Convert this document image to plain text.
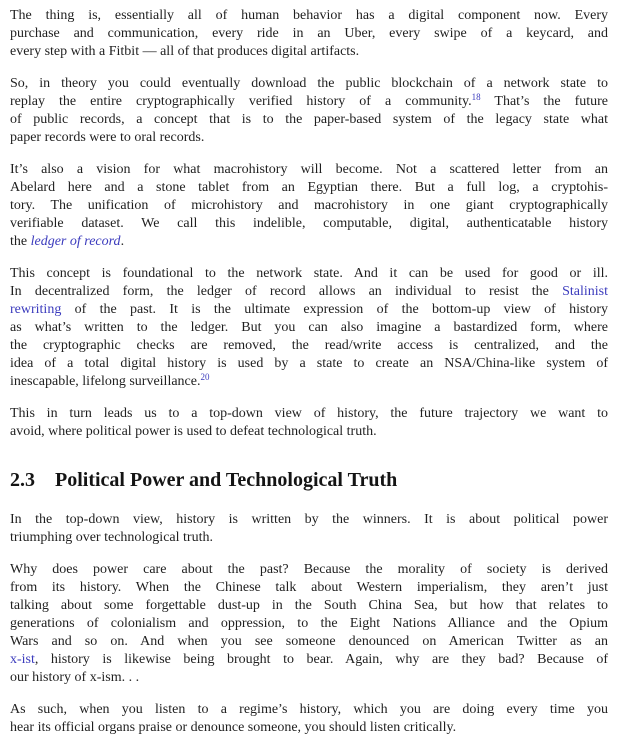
The thing is, essentially all of human behavior has a digital component now. Every
purchase and communication, every ride in an Uber, every swipe of a keycard, and
every step with a Fitbit — all of that produces digital artifacts.
So, in theory you could eventually download the public blockchain of a network state to
replay the entire cryptographically verified history of a community.$^{18}$ That’s the future
of public records, a concept that is to the paper-based system of the legacy state what
paper records were to oral records.
It’s also a vision for what macrohistory will become. Not a scattered letter from an
Abelard here and a stone tablet from an Egyptian there. But a full log, a cryptohis-
tory. The unification of microhistory and macrohistory in one giant cryptographically
verifiable dataset. We call this indelible, computable, digital, authenticatable history
the ledger of record.
This concept is foundational to the network state. And it can be used for good or ill.
In decentralized form, the ledger of record allows an individual to resist the Stalinist
rewriting of the past. It is the ultimate expression of the bottom-up view of history
as what’s written to the ledger. But you can also imagine a bastardized form, where
the cryptographic checks are removed, the read/write access is centralized, and the
idea of a total digital history is used by a state to create an NSA/China-like system of
inescapable, lifelong surveillance.$^{20}$
This in turn leads us to a top-down view of history, the future trajectory we want to
avoid, where political power is used to defeat technological truth.
2.3 Political Power and Technological Truth
In the top-down view, history is written by the winners. It is about political power
triumphing over technological truth.
Why does power care about the past? Because the morality of society is derived
from its history. When the Chinese talk about Western imperialism, they aren’t just
talking about some forgettable dust-up in the South China Sea, but how that relates to
generations of colonialism and oppression, to the Eight Nations Alliance and the Opium
Wars and so on. And when you see someone denounced on American Twitter as an
x-ist, history is likewise being brought to bear. Again, why are they bad? Because of
our history of x-ism. . .
As such, when you listen to a regime’s history, which you are doing every time you
hear its official organs praise or denounce someone, you should listen critically.
